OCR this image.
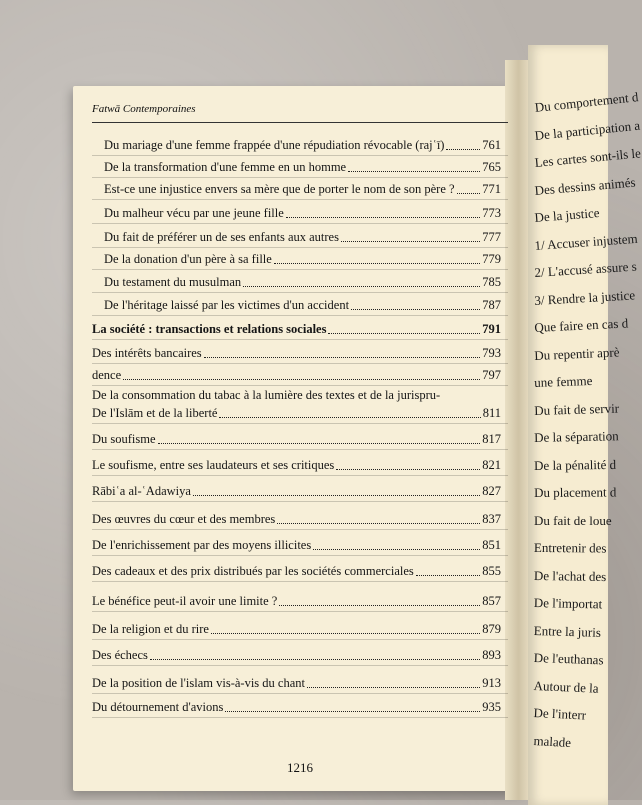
Du comportement d
De la participation a
Les cartes sont-ils le
Des dessins animés
De la justice
1/ Accuser injustem
2/ L'accusé assure s
3/ Rendre la justice
Que faire en cas d
Du repentir aprè
une femme
Du fait de servir
De la séparation
De la pénalité d
Du placement d
Du fait de loue
Entretenir des
De l'achat des
De l'importat
Entre la juris
De l'euthanas
Autour de la
De l'interr
malade
Fatwā Contemporaines
Du mariage d'une femme frappée d'une répudiation révocable (rajʿī)	761
De la transformation d'une femme en un homme	765
Est-ce une injustice envers sa mère que de porter le nom de son père ? 771
Du malheur vécu par une jeune fille	773
Du fait de préférer un de ses enfants aux autres	777
De la donation d'un père à sa fille	779
Du testament du musulman	785
De l'héritage laissé par les victimes d'un accident	787
La société : transactions et relations sociales	791
Des intérêts bancaires	793
De la consommation du tabac à la lumière des textes et de la jurispru-
dence	797
De l'Islām et de la liberté	811
Du soufisme	817
Le soufisme, entre ses laudateurs et ses critiques	821
Rābiʿa al-ʿAdawiya	827
Des œuvres du cœur et des membres	837
De l'enrichissement par des moyens illicites	851
Des cadeaux et des prix distribués par les sociétés commerciales	855
Le bénéfice peut-il avoir une limite ?	857
De la religion et du rire	879
Des échecs	893
De la position de l'islam vis-à-vis du chant	913
Du détournement d'avions	935
1216
